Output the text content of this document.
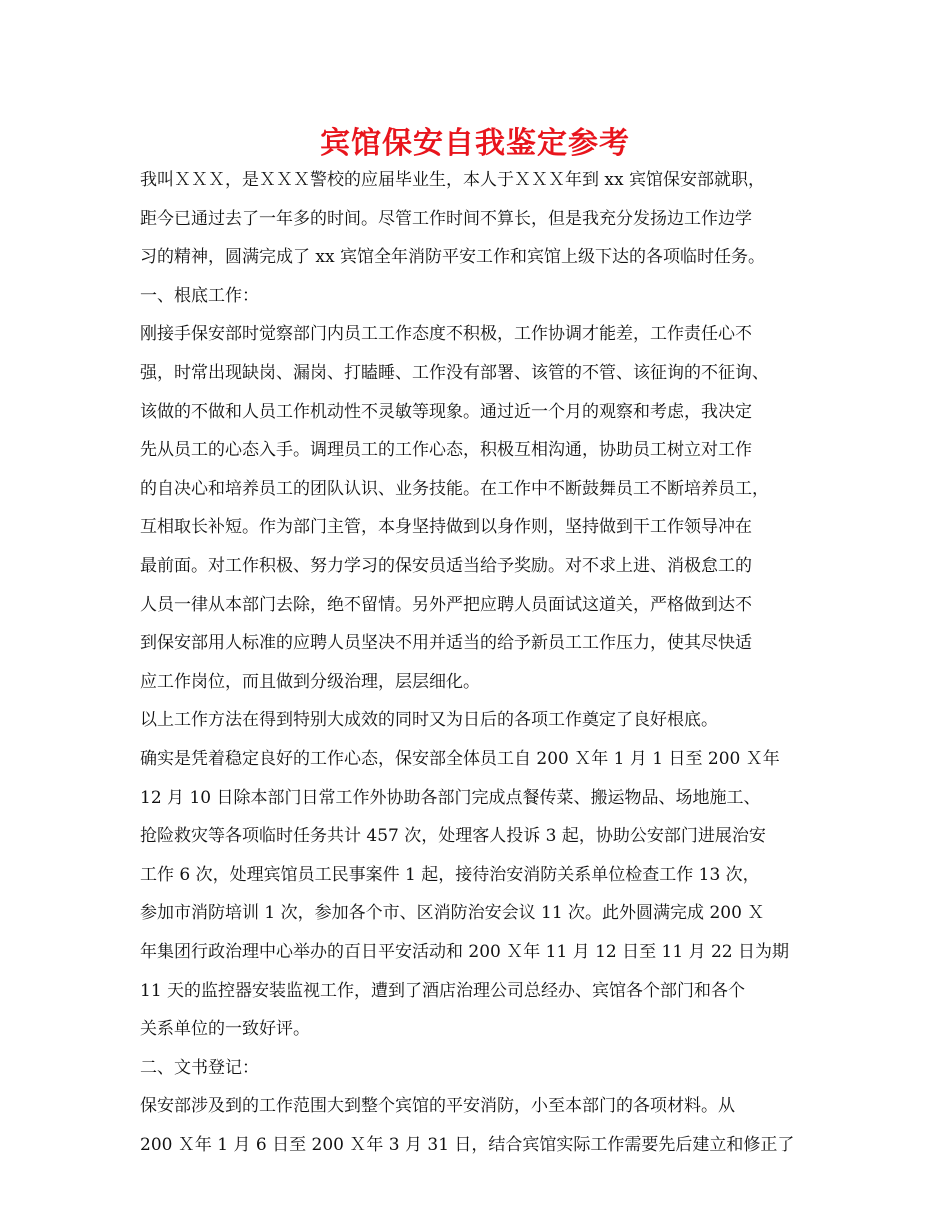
宾馆保安自我鉴定参考
我叫ＸＸＸ，是ＸＸＸ警校的应届毕业生，本人于ＸＸＸ年到 xx 宾馆保安部就职，
距今已通过去了一年多的时间。尽管工作时间不算长，但是我充分发扬边工作边学
习的精神，圆满完成了 xx 宾馆全年消防平安工作和宾馆上级下达的各项临时任务。
一、根底工作：
刚接手保安部时觉察部门内员工工作态度不积极，工作协调才能差，工作责任心不
强，时常出现缺岗、漏岗、打瞌睡、工作没有部署、该管的不管、该征询的不征询、
该做的不做和人员工作机动性不灵敏等现象。通过近一个月的观察和考虑，我决定
先从员工的心态入手。调理员工的工作心态，积极互相沟通，协助员工树立对工作
的自决心和培养员工的团队认识、业务技能。在工作中不断鼓舞员工不断培养员工，
互相取长补短。作为部门主管，本身坚持做到以身作则，坚持做到干工作领导冲在
最前面。对工作积极、努力学习的保安员适当给予奖励。对不求上进、消极怠工的
人员一律从本部门去除，绝不留情。另外严把应聘人员面试这道关，严格做到达不
到保安部用人标准的应聘人员坚决不用并适当的给予新员工工作压力，使其尽快适
应工作岗位，而且做到分级治理，层层细化。
以上工作方法在得到特别大成效的同时又为日后的各项工作奠定了良好根底。
确实是凭着稳定良好的工作心态，保安部全体员工自 200 Ｘ年 1 月 1 日至 200 Ｘ年
12 月 10 日除本部门日常工作外协助各部门完成点餐传菜、搬运物品、场地施工、
抢险救灾等各项临时任务共计 457 次，处理客人投诉 3 起，协助公安部门进展治安
工作 6 次，处理宾馆员工民事案件 1 起，接待治安消防关系单位检查工作 13 次，
参加市消防培训 1 次，参加各个市、区消防治安会议 11 次。此外圆满完成 200 Ｘ
年集团行政治理中心举办的百日平安活动和 200 Ｘ年 11 月 12 日至 11 月 22 日为期
11 天的监控器安装监视工作，遭到了酒店治理公司总经办、宾馆各个部门和各个
关系单位的一致好评。
二、文书登记：
保安部涉及到的工作范围大到整个宾馆的平安消防，小至本部门的各项材料。从
200 Ｘ年 1 月 6 日至 200 Ｘ年 3 月 31 日，结合宾馆实际工作需要先后建立和修正了
